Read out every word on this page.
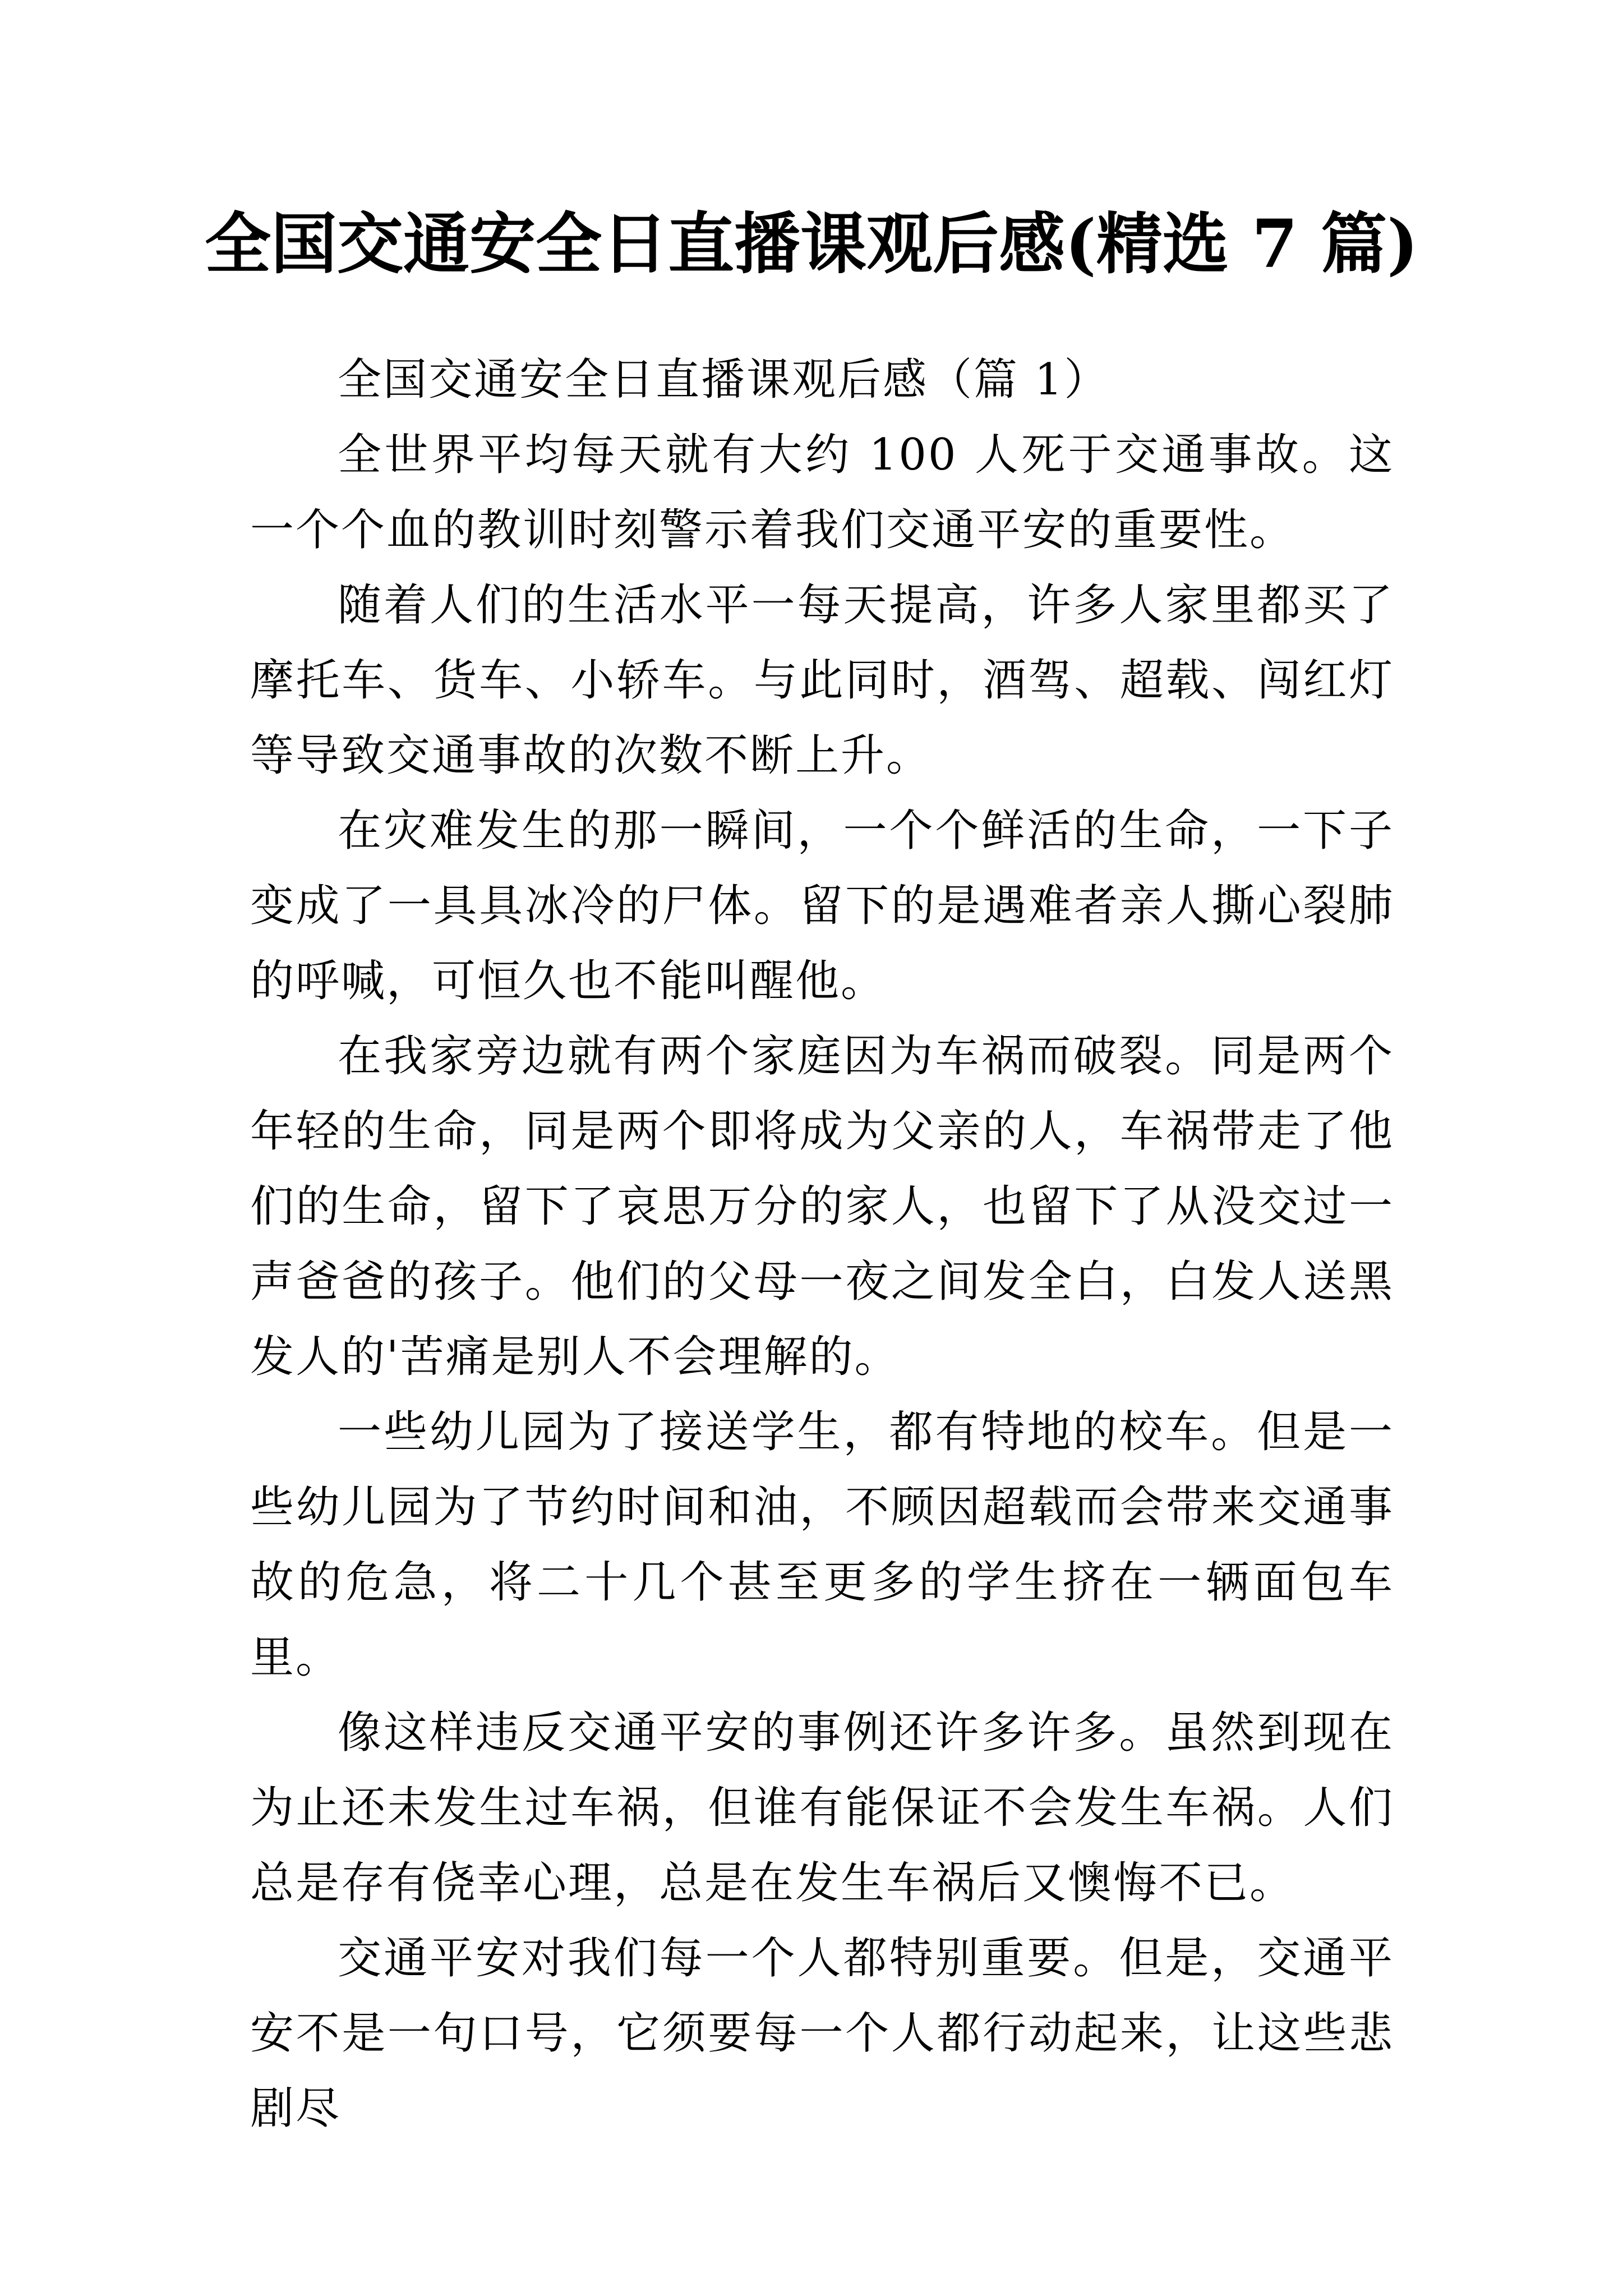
全国交通安全日直播课观后感(精选 7 篇)

全国交通安全日直播课观后感（篇 1）

全世界平均每天就有大约 100 人死于交通事故。这一个个血的教训时刻警示着我们交通平安的重要性。

随着人们的生活水平一每天提高，许多人家里都买了摩托车、货车、小轿车。与此同时，酒驾、超载、闯红灯等导致交通事故的次数不断上升。

在灾难发生的那一瞬间，一个个鲜活的生命，一下子变成了一具具冰冷的尸体。留下的是遇难者亲人撕心裂肺的呼喊，可恒久也不能叫醒他。

在我家旁边就有两个家庭因为车祸而破裂。同是两个年轻的生命，同是两个即将成为父亲的人，车祸带走了他们的生命，留下了哀思万分的家人，也留下了从没交过一声爸爸的孩子。他们的父母一夜之间发全白，白发人送黑发人的'苦痛是别人不会理解的。

一些幼儿园为了接送学生，都有特地的校车。但是一些幼儿园为了节约时间和油，不顾因超载而会带来交通事故的危急，将二十几个甚至更多的学生挤在一辆面包车里。

像这样违反交通平安的事例还许多许多。虽然到现在为止还未发生过车祸，但谁有能保证不会发生车祸。人们总是存有侥幸心理，总是在发生车祸后又懊悔不已。

交通平安对我们每一个人都特别重要。但是，交通平安不是一句口号，它须要每一个人都行动起来，让这些悲剧尽
